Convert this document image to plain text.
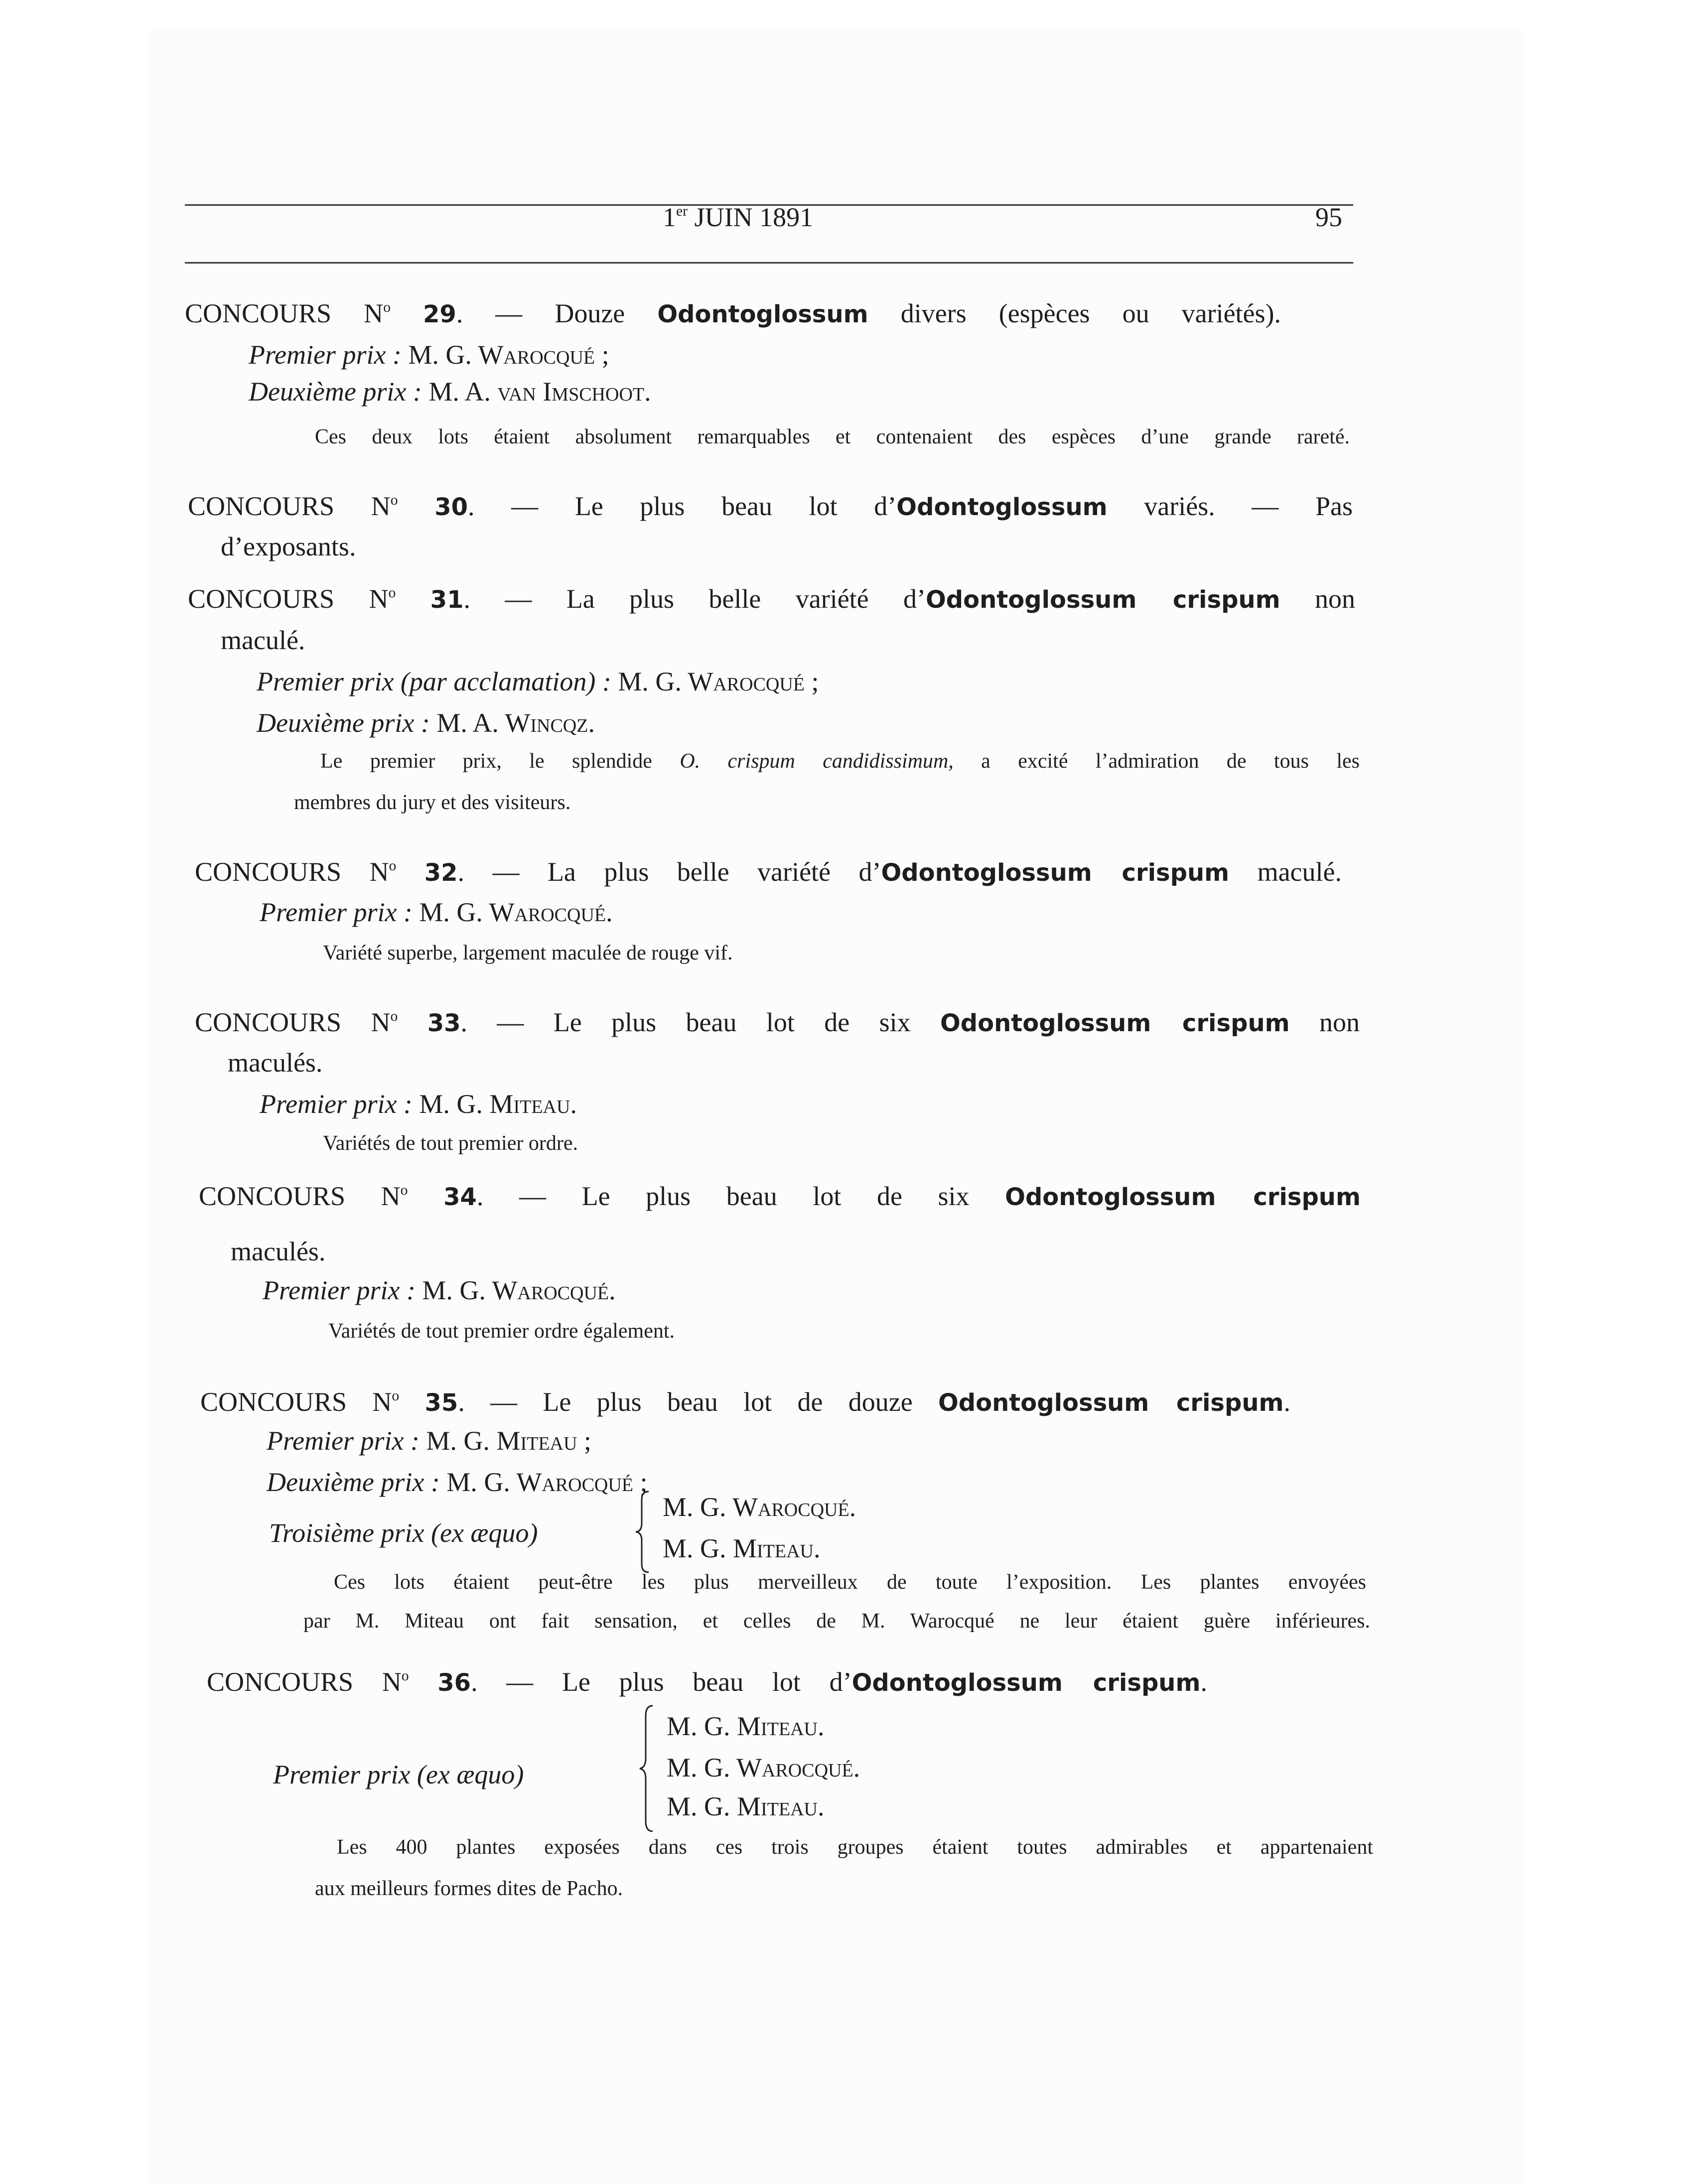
1er JUIN 1891	95
CONCOURS $N^o$ 29. — Douze Odontoglossum divers (espèces ou variétés).
Premier prix : M. G. Warocqué ;
Deuxième prix : M. A. van Imschoot.
Ces deux lots étaient absolument remarquables et contenaient des espèces d’une grande rareté.
CONCOURS $N^o$ 30. — Le plus beau lot d’Odontoglossum variés. — Pas
d’exposants.
CONCOURS $N^o$ 31. — La plus belle variété d’Odontoglossum crispum non
maculé.
Premier prix (par acclamation) : M. G. Warocqué ;
Deuxième prix : M. A. Wincqz.
Le premier prix, le splendide O. crispum candidissimum, a excité l’admiration de tous les
membres du jury et des visiteurs.
CONCOURS $N^o$ 32. — La plus belle variété d’Odontoglossum crispum maculé.
Premier prix : M. G. Warocqué.
Variété superbe, largement maculée de rouge vif.
CONCOURS $N^o$ 33. — Le plus beau lot de six Odontoglossum crispum non
maculés.
Premier prix : M. G. Miteau.
Variétés de tout premier ordre.
CONCOURS $N^o$ 34. — Le plus beau lot de six Odontoglossum crispum
maculés.
Premier prix : M. G. Warocqué.
Variétés de tout premier ordre également.
CONCOURS $N^o$ 35. — Le plus beau lot de douze Odontoglossum crispum.
Premier prix : M. G. Miteau ;
Deuxième prix : M. G. Warocqué ;
Troisième prix (ex æquo)
M. G. Warocqué.
M. G. Miteau.
Ces lots étaient peut-être les plus merveilleux de toute l’exposition. Les plantes envoyées
par M. Miteau ont fait sensation, et celles de M. Warocqué ne leur étaient guère inférieures.
CONCOURS $N^o$ 36. — Le plus beau lot d’Odontoglossum crispum.
Premier prix (ex æquo)
M. G. Miteau.
M. G. Warocqué.
M. G. Miteau.
Les 400 plantes exposées dans ces trois groupes étaient toutes admirables et appartenaient
aux meilleurs formes dites de Pacho.
